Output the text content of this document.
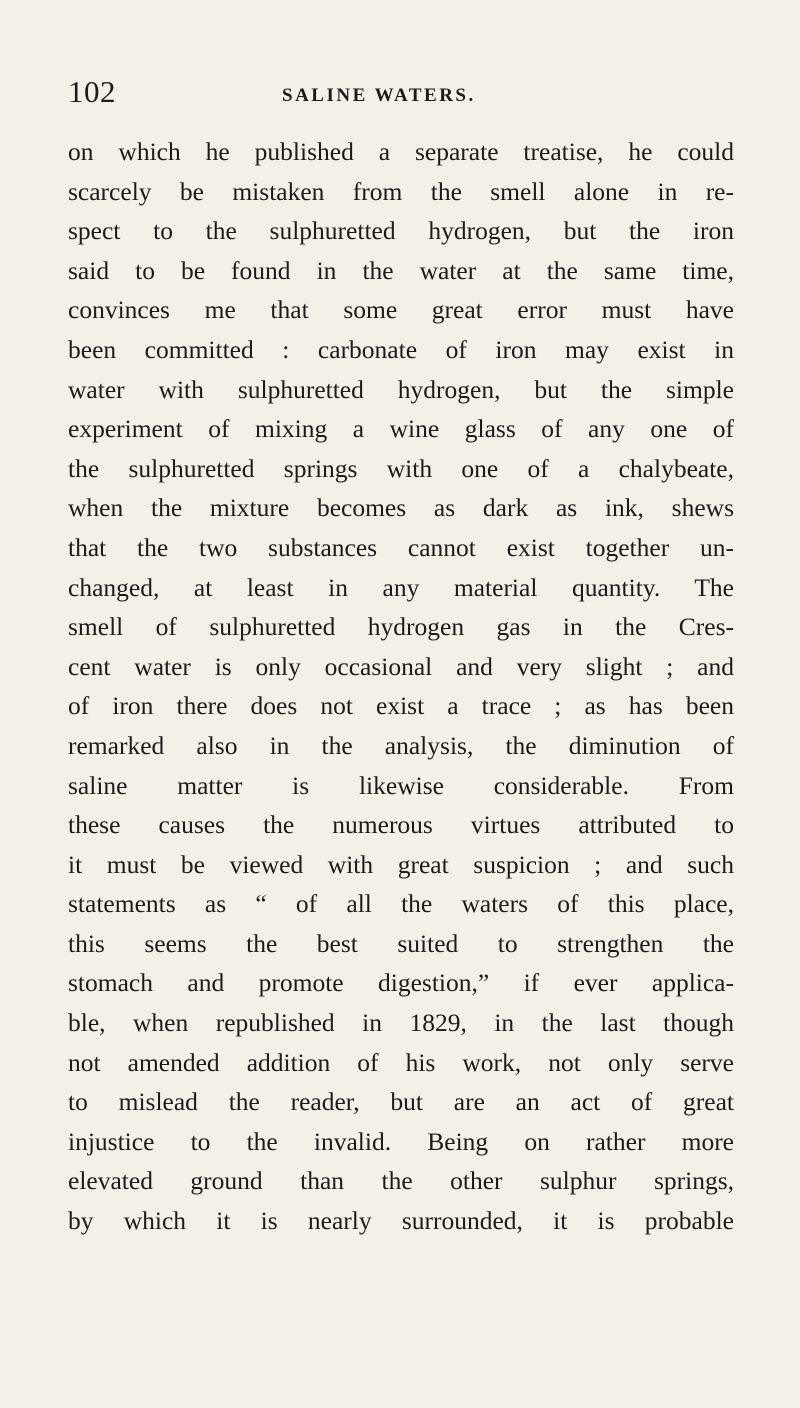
102	SALINE WATERS.
on which he published a separate treatise, he could
scarcely be mistaken from the smell alone in re-
spect to the sulphuretted hydrogen, but the iron
said to be found in the water at the same time,
convinces me that some great error must have
been committed : carbonate of iron may exist in
water with sulphuretted hydrogen, but the simple
experiment of mixing a wine glass of any one of
the sulphuretted springs with one of a chalybeate,
when the mixture becomes as dark as ink, shews
that the two substances cannot exist together un-
changed, at least in any material quantity. The
smell of sulphuretted hydrogen gas in the Cres-
cent water is only occasional and very slight ; and
of iron there does not exist a trace ; as has been
remarked also in the analysis, the diminution of
saline matter is likewise considerable. From
these causes the numerous virtues attributed to
it must be viewed with great suspicion ; and such
statements as “ of all the waters of this place,
this seems the best suited to strengthen the
stomach and promote digestion,” if ever applica-
ble, when republished in 1829, in the last though
not amended addition of his work, not only serve
to mislead the reader, but are an act of great
injustice to the invalid. Being on rather more
elevated ground than the other sulphur springs,
by which it is nearly surrounded, it is probable
